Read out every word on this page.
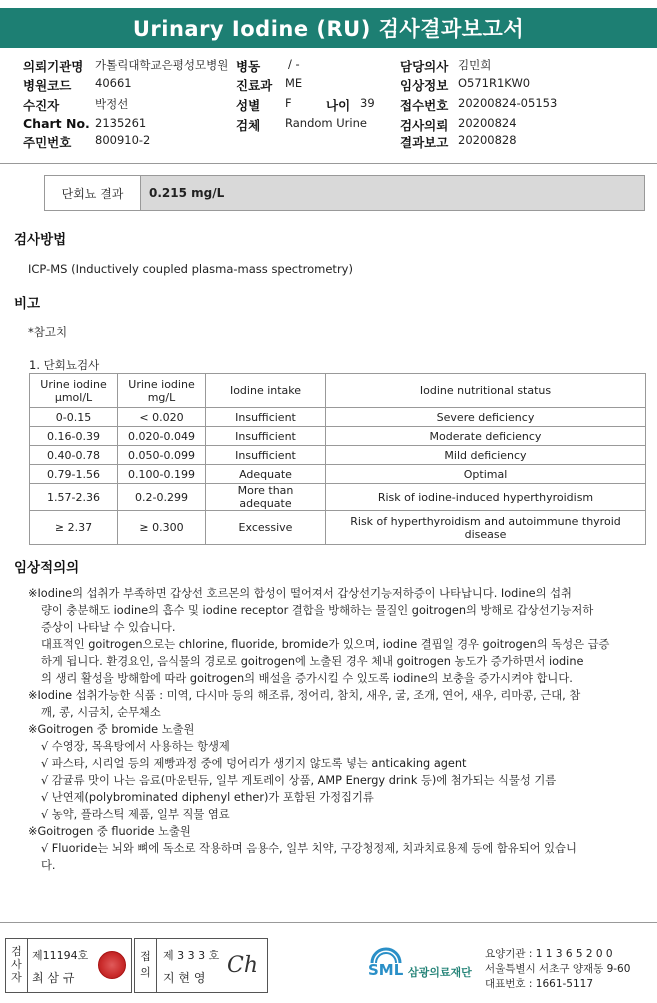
Urinary Iodine (RU) 검사결과보고서
의뢰기관명 가톨릭대학교은평성모병원
병원코드 40661
수진자	박정선
Chart No. 2135261
주민번호 800910-2
병동 / -
진료과 ME
성별 F	나이 39
검체 Random Urine
담당의사 김민희
임상정보 O571R1KW0
접수번호 20200824-05153
검사의뢰 20200824
결과보고 20200828
단회뇨 결과	0.215 mg/L
검사방법
ICP-MS (Inductively coupled plasma-mass spectrometry)
비고
*참고치
1. 단회뇨검사
Urine iodine μmol/L	Urine iodine mg/L	Iodine intake	Iodine nutritional status
0-0.15	< 0.020	Insufficient	Severe deficiency
0.16-0.39	0.020-0.049	Insufficient	Moderate deficiency
0.40-0.78	0.050-0.099	Insufficient	Mild deficiency
0.79-1.56	0.100-0.199	Adequate	Optimal
1.57-2.36	0.2-0.299	More than adequate	Risk of iodine-induced hyperthyroidism
≥ 2.37	≥ 0.300	Excessive	Risk of hyperthyroidism and autoimmune thyroid disease
임상적의의
※Iodine의 섭취가 부족하면 갑상선 호르몬의 합성이 떨어져서 갑상선기능저하증이 나타납니다. Iodine의 섭취
량이 충분해도 iodine의 흡수 및 iodine receptor 결합을 방해하는 물질인 goitrogen의 방해로 갑상선기능저하
증상이 나타날 수 있습니다.
대표적인 goitrogen으로는 chlorine, fluoride, bromide가 있으며, iodine 결핍일 경우 goitrogen의 독성은 급증
하게 됩니다. 환경요인, 음식물의 경로로 goitrogen에 노출된 경우 체내 goitrogen 농도가 증가하면서 iodine
의 생리 활성을 방해함에 따라 goitrogen의 배설을 증가시킬 수 있도록 iodine의 보충을 증가시켜야 합니다.
※Iodine 섭취가능한 식품 : 미역, 다시마 등의 해조류, 정어리, 참치, 새우, 굴, 조개, 연어, 새우, 리마콩, 근대, 참
깨, 콩, 시금치, 순무채소
※Goitrogen 중 bromide 노출원
√ 수영장, 목욕탕에서 사용하는 항생제
√ 파스타, 시리얼 등의 제빵과정 중에 덩어리가 생기지 않도록 넣는 anticaking agent
√ 감귤류 맛이 나는 음료(마운틴듀, 일부 게토레이 상품, AMP Energy drink 등)에 첨가되는 식물성 기름
√ 난연제(polybrominated diphenyl ether)가 포함된 가정집기류
√ 농약, 플라스틱 제품, 일부 직물 염료
※Goitrogen 중 fluoride 노출원
√ Fluoride는 뇌와 뼈에 독소로 작용하며 음용수, 일부 치약, 구강청정제, 치과치료용제 등에 함유되어 있습니
다.
검사자
제11194호
최 삼 규
접의
제 3 3 3 호
지 현 영 Ch	SML 삼광의료재단
요양기관 : 1 1 3 6 5 2 0 0
서울특별시 서초구 양재동 9-60
대표번호 : 1661-5117
